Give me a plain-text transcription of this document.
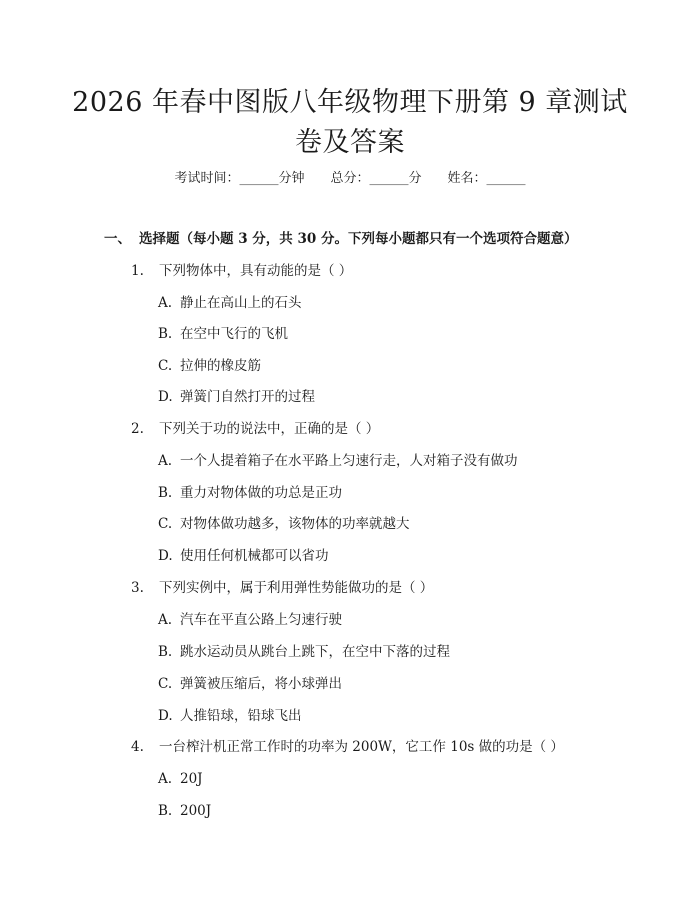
2026 年春中图版八年级物理下册第 9 章测试
卷及答案
考试时间：______分钟 总分：______分 姓名：______
一、 选择题（每小题 3 分，共 30 分。下列每小题都只有一个选项符合题意）
1. 下列物体中，具有动能的是（ ）
A. 静止在高山上的石头
B. 在空中飞行的飞机
C. 拉伸的橡皮筋
D. 弹簧门自然打开的过程
2. 下列关于功的说法中，正确的是（ ）
A. 一个人提着箱子在水平路上匀速行走，人对箱子没有做功
B. 重力对物体做的功总是正功
C. 对物体做功越多，该物体的功率就越大
D. 使用任何机械都可以省功
3. 下列实例中，属于利用弹性势能做功的是（ ）
A. 汽车在平直公路上匀速行驶
B. 跳水运动员从跳台上跳下，在空中下落的过程
C. 弹簧被压缩后，将小球弹出
D. 人推铅球，铅球飞出
4. 一台榨汁机正常工作时的功率为 200W，它工作 10s 做的功是（ ）
A. 20J
B. 200J
